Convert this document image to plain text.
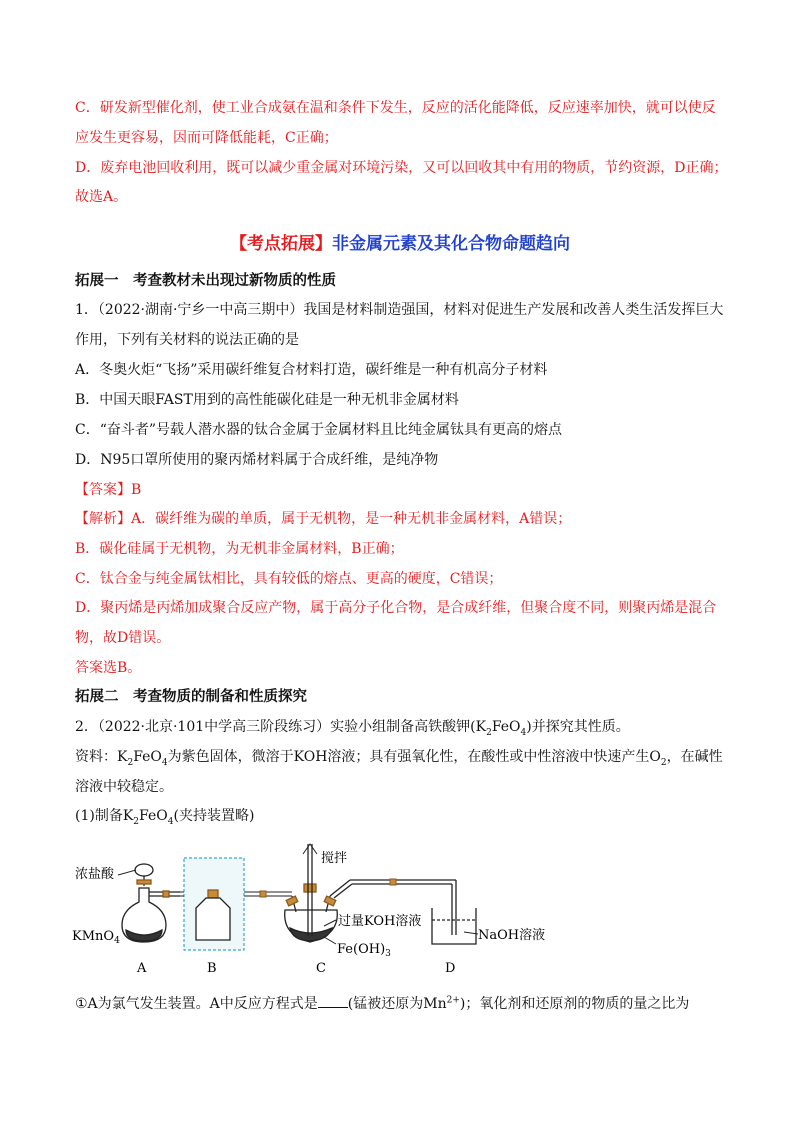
C．研发新型催化剂，使工业合成氨在温和条件下发生，反应的活化能降低，反应速率加快，就可以使反
应发生更容易，因而可降低能耗，C正确；
D．废弃电池回收利用，既可以减少重金属对环境污染，又可以回收其中有用的物质，节约资源，D正确；
故选A。
【考点拓展】非金属元素及其化合物命题趋向
拓展一　考查教材未出现过新物质的性质
1．（2022·湖南·宁乡一中高三期中）我国是材料制造强国，材料对促进生产发展和改善人类生活发挥巨大
作用，下列有关材料的说法正确的是
A．冬奥火炬“飞扬”采用碳纤维复合材料打造，碳纤维是一种有机高分子材料
B．中国天眼FAST用到的高性能碳化硅是一种无机非金属材料
C．“奋斗者”号载人潜水器的钛合金属于金属材料且比纯金属钛具有更高的熔点
D．N95口罩所使用的聚丙烯材料属于合成纤维，是纯净物
【答案】B
【解析】A．碳纤维为碳的单质，属于无机物，是一种无机非金属材料，A错误；
B．碳化硅属于无机物，为无机非金属材料，B正确；
C．钛合金与纯金属钛相比，具有较低的熔点、更高的硬度，C错误；
D．聚丙烯是丙烯加成聚合反应产物，属于高分子化合物，是合成纤维，但聚合度不同，则聚丙烯是混合
物，故D错误。
答案选B。
拓展二　考查物质的制备和性质探究
2．（2022·北京·101中学高三阶段练习）实验小组制备高铁酸钾$(K_2FeO_4)$并探究其性质。
资料：$K_2FeO_4$为紫色固体，微溶于KOH溶液；具有强氧化性，在酸性或中性溶液中快速产生$O_2$，在碱性
溶液中较稳定。
(1)制备$K_2FeO_4$(夹持装置略)
浓盐酸
KMnO$_4$
搅拌
过量KOH溶液
$Fe(OH)_3$
NaOH溶液
A	B	C	D
①A为氯气发生装置。A中反应方程式是 (锰被还原为$Mn^{2+}$)；氧化剂和还原剂的物质的量之比为
